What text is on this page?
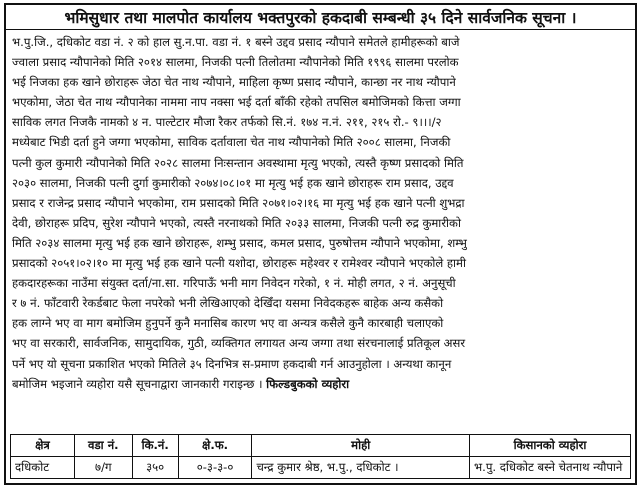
भमिसुधार तथा मालपोत कार्यालय भक्तपुरको हकदाबी सम्बन्धी ३५ दिने सार्वजनिक सूचना ।
भ.पु.जि., दधिकोट वडा नं. २ को हाल सु.न.पा. वडा नं. १ बस्ने उद्दव प्रसाद न्यौपाने समेतले हामीहरूको बाजे
ज्वाला प्रसाद न्यौपानेको मिति २०१४ सालमा, निजकी पत्नी तिलोतमा न्यौपानेको मिति १९९६ सालमा परलोक
भई निजका हक खाने छोराहरू जेठा चेत नाथ न्यौपाने, माहिला कृष्ण प्रसाद न्यौपाने, कान्छा नर नाथ न्यौपाने
भएकोमा, जेठा चेत नाथ न्यौपानेका नाममा नाप नक्सा भई दर्ता बाँकी रहेको तपसिल बमोजिमको कित्ता जग्गा
साविक लगत निजकै नामको ४ न. पाल्टेटार मौजा रैकर तर्फको सि.नं. १७४ न.नं. २११, २१५ रो.- ९।।।/२
मध्येबाट भिडी दर्ता हुने जग्गा भएकोमा, साविक दर्तावाला चेत नाथ न्यौपानेको मिति २००८ सालमा, निजकी
पत्नी कुल कुमारी न्यौपानेको मिति २०२८ सालमा निःसन्तान अवस्थामा मृत्यु भएको, त्यस्तै कृष्ण प्रसादको मिति
२०३० सालमा, निजकी पत्नी दुर्गा कुमारीको २०७४।०८।०१ मा मृत्यु भई हक खाने छोराहरू राम प्रसाद, उद्दव
प्रसाद र राजेन्द्र प्रसाद न्यौपाने भएकोमा, राम प्रसादको मिति २०७१।०२।१६ मा मृत्यु भई हक खाने पत्नी शुभद्रा
देवी, छोराहरू प्रदिप, सुरेश न्यौपाने भएको, त्यस्तै नरनाथको मिति २०३३ सालमा, निजकी पत्नी रुद्र कुमारीको
मिति २०३४ सालमा मृत्यु भई हक खाने छोराहरू, शम्भु प्रसाद, कमल प्रसाद, पुरुषोत्तम न्यौपाने भएकोमा, शम्भु
प्रसादको २०५१।०२।१० मा मृत्यु भई हक खाने पत्नी यशोदा, छोराहरू महेश्वर र रामेश्वर न्यौपाने भएकोले हामी
हकदारहरूका नाउँमा संयुक्त दर्ता/ना.सा. गरिपाऊँ भनी माग निवेदन गरेको, १ नं. मोही लगत, २ नं. अनुसूची
र ७ नं. फाँटवारी रेकर्डबाट फेला नपरेको भनी लेखिआएको देखिँदा यसमा निवेदकहरू बाहेक अन्य कसैको
हक लाग्ने भए वा माग बमोजिम हुनुपर्ने कुनै मनासिब कारण भए वा अन्यत्र कसैले कुनै कारबाही चलाएको
भए वा सरकारी, सार्वजनिक, सामुदायिक, गुठी, व्यक्तिगत लगायत अन्य जग्गा तथा संरचनालाई प्रतिकूल असर
पर्ने भए यो सूचना प्रकाशित भएको मितिले ३५ दिनभित्र स-प्रमाण हकदाबी गर्न आउनुहोला । अन्यथा कानून
बमोजिम भइजाने व्यहोरा यसै सूचनाद्वारा जानकारी गराइन्छ । फिल्डबुकको व्यहोरा
क्षेत्र	वडा नं.	कि.नं.	क्षे.फ.	मोही	किसानको व्यहोरा
दधिकोट	७/ग	३५०	०-३-३-०	चन्द्र कुमार श्रेष्ठ, भ.पु., दधिकोट ।	भ.पु. दधिकोट बस्ने चेतनाथ न्यौपाने
